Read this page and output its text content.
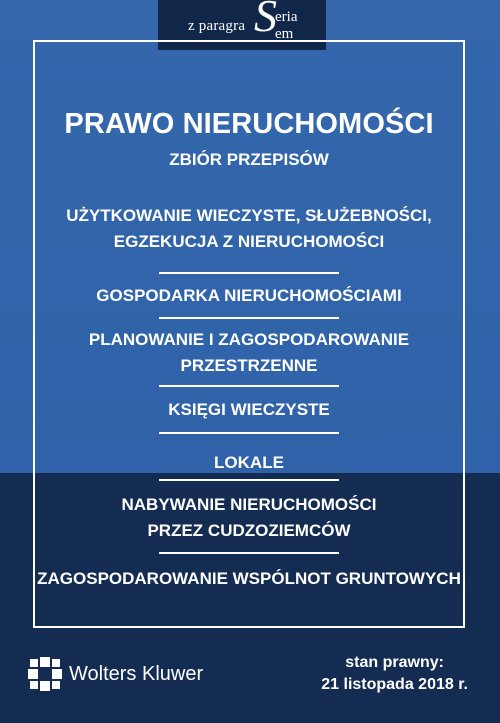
z paragra S
eria
em
PRAWO NIERUCHOMOŚCI
ZBIÓR PRZEPISÓW
UŻYTKOWANIE WIECZYSTE, SŁUŻEBNOŚCI,
EGZEKUCJA Z NIERUCHOMOŚCI
GOSPODARKA NIERUCHOMOŚCIAMI
PLANOWANIE I ZAGOSPODAROWANIE
PRZESTRZENNE
KSIĘGI WIECZYSTE
LOKALE
NABYWANIE NIERUCHOMOŚCI
PRZEZ CUDZOZIEMCÓW
ZAGOSPODAROWANIE WSPÓLNOT GRUNTOWYCH
Wolters Kluwer
stan prawny:
21 listopada 2018 r.
